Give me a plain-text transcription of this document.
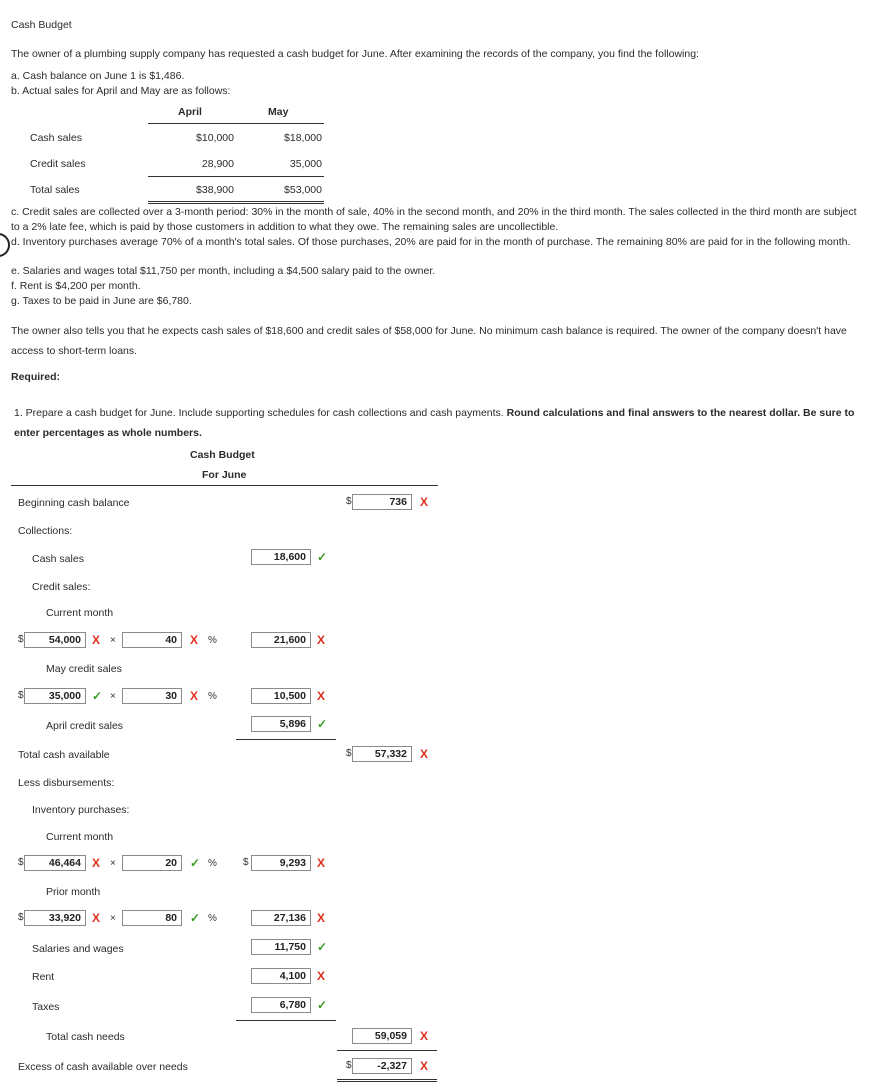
Cash Budget
The owner of a plumbing supply company has requested a cash budget for June. After examining the records of the company, you find the following:
a. Cash balance on June 1 is $1,486.
b. Actual sales for April and May are as follows:
April	May
Cash sales	$10,000	$18,000
Credit sales	28,900	35,000
Total sales	$38,900	$53,000
c. Credit sales are collected over a 3-month period: 30% in the month of sale, 40% in the second month, and 20% in the third month. The sales collected in the third month are subject to a 2% late fee, which is paid by those customers in addition to what they owe. The remaining sales are uncollectible.
d. Inventory purchases average 70% of a month's total sales. Of those purchases, 20% are paid for in the month of purchase. The remaining 80% are paid for in the following month.
e. Salaries and wages total $11,750 per month, including a $4,500 salary paid to the owner.
f. Rent is $4,200 per month.
g. Taxes to be paid in June are $6,780.
The owner also tells you that he expects cash sales of $18,600 and credit sales of $58,000 for June. No minimum cash balance is required. The owner of the company doesn't have access to short-term loans.
Required:
1. Prepare a cash budget for June. Include supporting schedules for cash collections and cash payments. Round calculations and final answers to the nearest dollar. Be sure to enter percentages as whole numbers.
Cash Budget
For June
Beginning cash balance	$	736	X
Collections:
Cash sales	18,600 ✓
Credit sales:
Current month
$	54,000 X ×	40	X %	21,600 X
May credit sales
$	35,000 ✓ ×	30	X %	10,500 X
April credit sales	5,896 ✓
Total cash available	$	57,332	X
Less disbursements:
Inventory purchases:
Current month
$	46,464 X ×	20	✓ %	$	9,293 X
Prior month
$	33,920 X ×	80	✓ %	27,136 X
Salaries and wages	11,750 ✓
Rent	4,100 X
Taxes	6,780 ✓
Total cash needs	59,059	X
Excess of cash available over needs	$	-2,327	X
